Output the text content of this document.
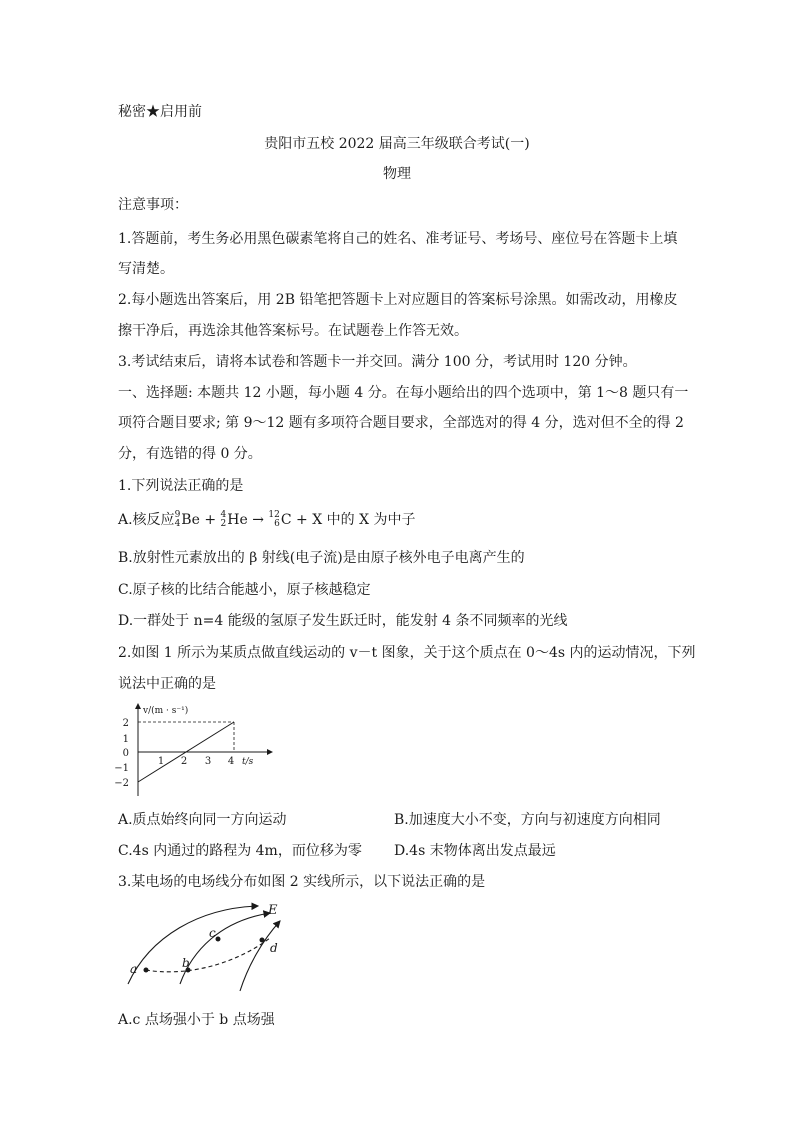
秘密★启用前
贵阳市五校 2022 届高三年级联合考试(一)
物理
注意事项：
1.答题前，考生务必用黑色碳素笔将自己的姓名、准考证号、考场号、座位号在答题卡上填
写清楚。
2.每小题选出答案后，用 2B 铅笔把答题卡上对应题目的答案标号涂黑。如需改动，用橡皮
擦干净后，再选涂其他答案标号。在试题卷上作答无效。
3.考试结束后，请将本试卷和答题卡一并交回。满分 100 分，考试用时 120 分钟。
一、选择题: 本题共 12 小题，每小题 4 分。在每小题给出的四个选项中，第 1～8 题只有一
项符合题目要求; 第 9～12 题有多项符合题目要求，全部选对的得 4 分，选对但不全的得 2
分，有选错的得 0 分。
1.下列说法正确的是
A.核反应9
4Be + 4
2He → 12
6C + X 中的 X 为中子
B.放射性元素放出的 β 射线(电子流)是由原子核外电子电离产生的
C.原子核的比结合能越小，原子核越稳定
D.一群处于 n=4 能级的氢原子发生跃迁时，能发射 4 条不同频率的光线
2.如图 1 所示为某质点做直线运动的 v－t 图象，关于这个质点在 0～4s 内的运动情况，下列
说法中正确的是
v/(m · s⁻¹)
t/s
2
1
0
−1
−2
1 2 3 4
A.质点始终向同一方向运动	B.加速度大小不变，方向与初速度方向相同
C.4s 内通过的路程为 4m，而位移为零 D.4s 末物体离出发点最远
3.某电场的电场线分布如图 2 实线所示，以下说法正确的是
E
a	b
c
d
A.c 点场强小于 b 点场强
